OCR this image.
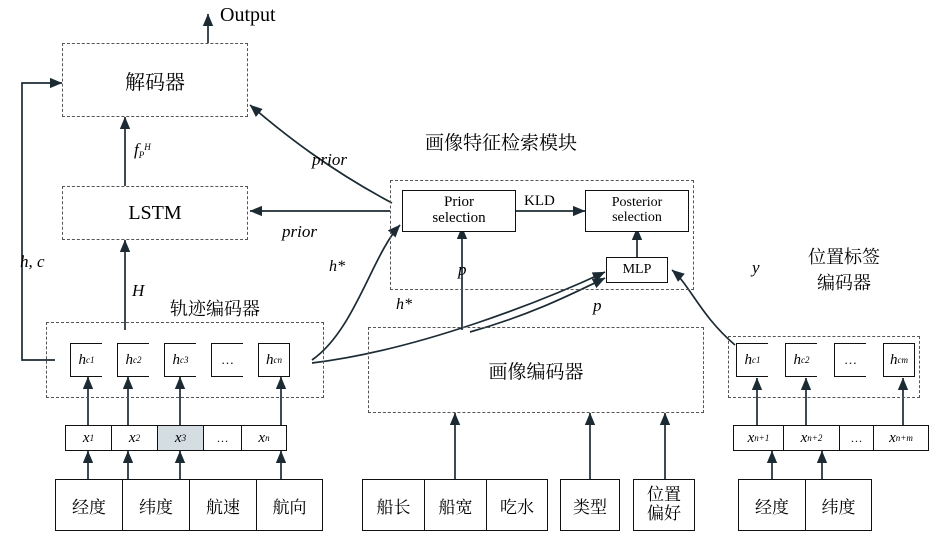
Output
解码器
$f_P^H$
LSTM
h, c
H
轨迹编码器
h c 1 h c 2 h c 3	…	h c n
x 1 x 2 x 3	…	x n
经度	纬度	航速	航向
画像特征检索模块
Prior
selection
Posterior
selection
KLD
MLP
prior
prior
h*
h*
p
p
y
画像编码器
位置标签
编码器
h c 1 h c 2	…	h c m
x n+1 x n+2	…	x n+m
经度	纬度
船长	船宽	吃水	类型
位置
偏好
